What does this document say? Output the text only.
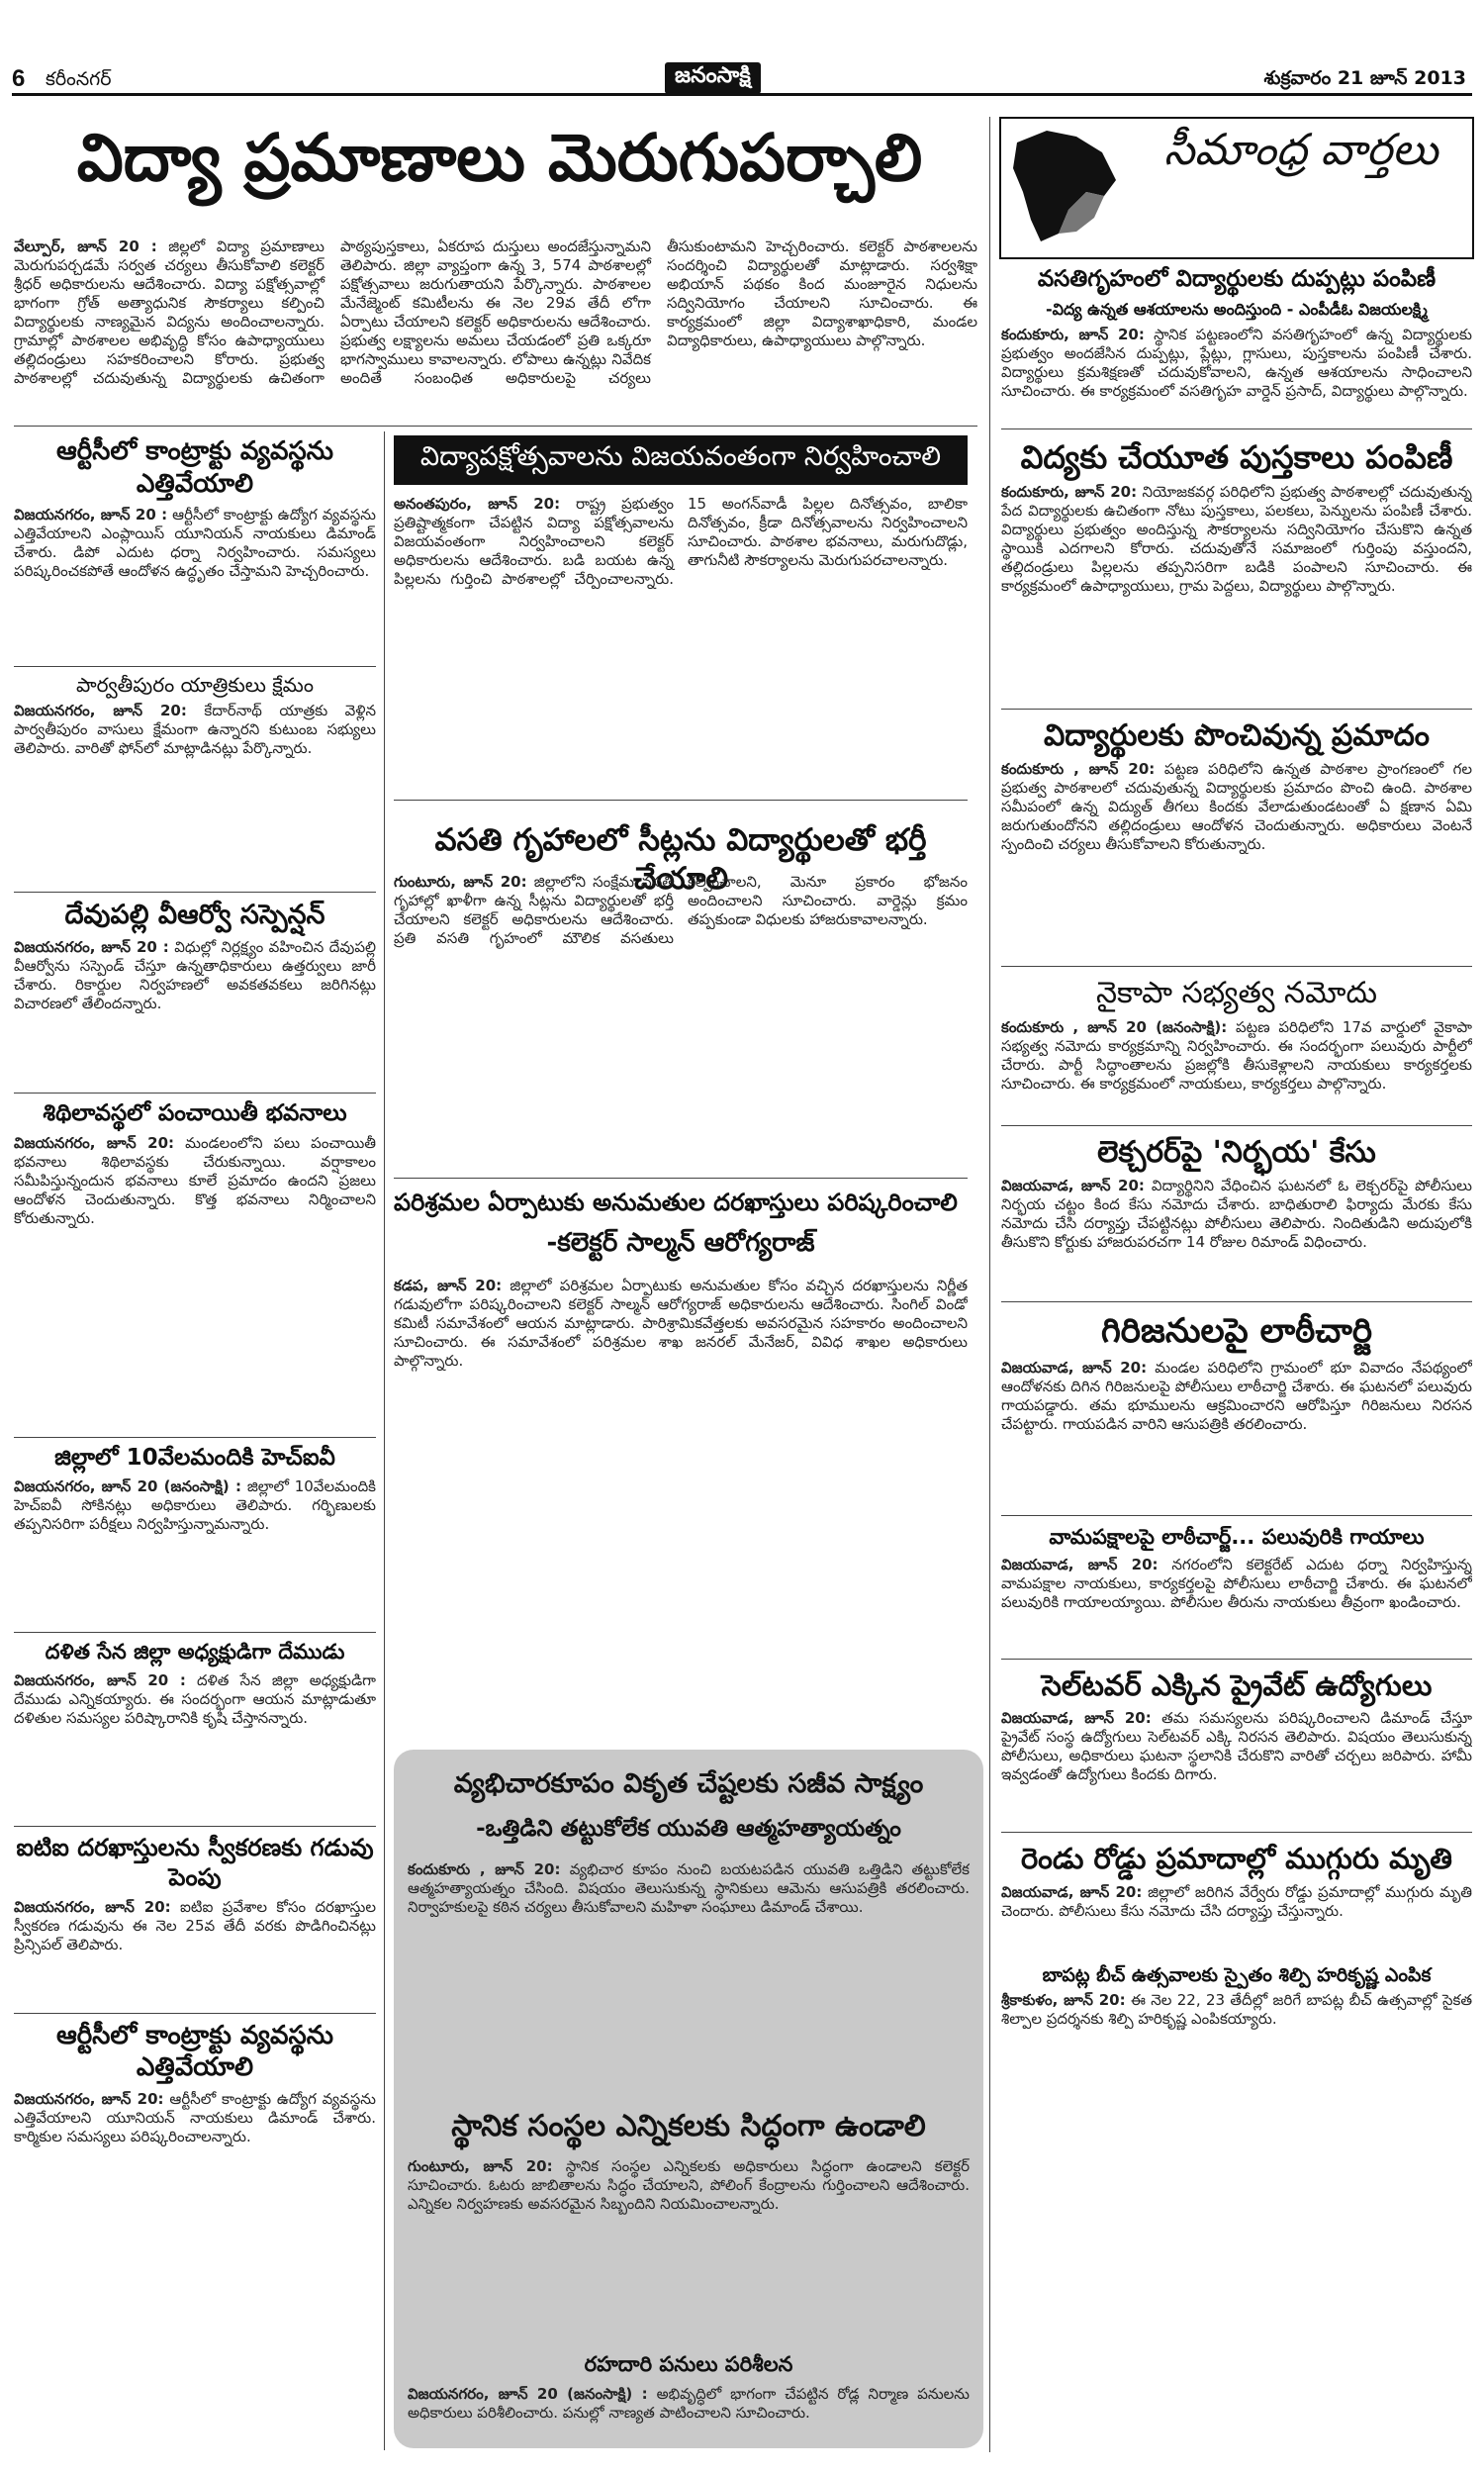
6 కరీంనగర్	జనంసాక్షి	శుక్రవారం 21 జూన్ 2013
విద్యా ప్రమాణాలు మెరుగుపర్చాలి
వేల్పూర్, జూన్ 20 : జిల్లలో విద్యా ప్రమాణాలు మెరుగుపర్చడమే సర్వత చర్యలు తీసుకోవాలి కలెక్టర్ శ్రీధర్ అధికారులను ఆదేశించారు. విద్యా పక్షోత్సవాల్లో భాగంగా గ్రోత్ అత్యాధునిక సౌకర్యాలు కల్పించి విద్యార్థులకు నాణ్యమైన విద్యను అందించాలన్నారు. గ్రామాల్లో పాఠశాలల అభివృద్ధి కోసం ఉపాధ్యాయులు తల్లిదండ్రులు సహకరించాలని కోరారు. ప్రభుత్వ పాఠశాలల్లో చదువుతున్న విద్యార్థులకు ఉచితంగా పాఠ్యపుస్తకాలు, ఏకరూప దుస్తులు అందజేస్తున్నామని తెలిపారు. జిల్లా వ్యాప్తంగా ఉన్న 3, 574 పాఠశాలల్లో పక్షోత్సవాలు జరుగుతాయని పేర్కొన్నారు. పాఠశాలల మేనేజ్మెంట్ కమిటీలను ఈ నెల 29వ తేదీ లోగా ఏర్పాటు చేయాలని కలెక్టర్ అధికారులను ఆదేశించారు. ప్రభుత్వ లక్ష్యాలను అమలు చేయడంలో ప్రతి ఒక్కరూ భాగస్వాములు కావాలన్నారు. లోపాలు ఉన్నట్లు నివేదిక అందితే సంబంధిత అధికారులపై చర్యలు తీసుకుంటామని హెచ్చరించారు. కలెక్టర్ పాఠశాలలను సందర్శించి విద్యార్థులతో మాట్లాడారు. సర్వశిక్షా అభియాన్ పథకం కింద మంజూరైన నిధులను సద్వినియోగం చేయాలని సూచించారు. ఈ కార్యక్రమంలో జిల్లా విద్యాశాఖాధికారి, మండల విద్యాధికారులు, ఉపాధ్యాయులు పాల్గొన్నారు.
సీమాంధ్ర వార్తలు
వసతిగృహంలో విద్యార్థులకు దుప్పట్లు పంపిణీ
-విద్య ఉన్నత ఆశయాలను అందిస్తుంది - ఎంపీడీఓ విజయలక్ష్మి
కందుకూరు, జూన్ 20: స్థానిక పట్టణంలోని వసతిగృహంలో ఉన్న విద్యార్థులకు ప్రభుత్వం అందజేసిన దుప్పట్లు, ప్లేట్లు, గ్లాసులు, పుస్తకాలను పంపిణీ చేశారు. విద్యార్థులు క్రమశిక్షణతో చదువుకోవాలని, ఉన్నత ఆశయాలను సాధించాలని సూచించారు. ఈ కార్యక్రమంలో వసతిగృహ వార్డెన్ ప్రసాద్, విద్యార్థులు పాల్గొన్నారు.
విద్యకు చేయూత పుస్తకాలు పంపిణీ
కందుకూరు, జూన్ 20: నియోజకవర్గ పరిధిలోని ప్రభుత్వ పాఠశాలల్లో చదువుతున్న పేద విద్యార్థులకు ఉచితంగా నోటు పుస్తకాలు, పలకలు, పెన్నులను పంపిణీ చేశారు. విద్యార్థులు ప్రభుత్వం అందిస్తున్న సౌకర్యాలను సద్వినియోగం చేసుకొని ఉన్నత స్థాయికి ఎదగాలని కోరారు. చదువుతోనే సమాజంలో గుర్తింపు వస్తుందని, తల్లిదండ్రులు పిల్లలను తప్పనిసరిగా బడికి పంపాలని సూచించారు. ఈ కార్యక్రమంలో ఉపాధ్యాయులు, గ్రామ పెద్దలు, విద్యార్థులు పాల్గొన్నారు.
విద్యార్థులకు పొంచివున్న ప్రమాదం
కందుకూరు , జూన్ 20: పట్టణ పరిధిలోని ఉన్నత పాఠశాల ప్రాంగణంలో గల ప్రభుత్వ పాఠశాలలో చదువుతున్న విద్యార్థులకు ప్రమాదం పొంచి ఉంది. పాఠశాల సమీపంలో ఉన్న విద్యుత్ తీగలు కిందకు వేలాడుతుండటంతో ఏ క్షణాన ఏమి జరుగుతుందోనని తల్లిదండ్రులు ఆందోళన చెందుతున్నారు. అధికారులు వెంటనే స్పందించి చర్యలు తీసుకోవాలని కోరుతున్నారు.
నైకాపా సభ్యత్వ నమోదు
కందుకూరు , జూన్ 20 (జనంసాక్షి): పట్టణ పరిధిలోని 17వ వార్డులో వైకాపా సభ్యత్వ నమోదు కార్యక్రమాన్ని నిర్వహించారు. ఈ సందర్భంగా పలువురు పార్టీలో చేరారు. పార్టీ సిద్ధాంతాలను ప్రజల్లోకి తీసుకెళ్లాలని నాయకులు కార్యకర్తలకు సూచించారు. ఈ కార్యక్రమంలో నాయకులు, కార్యకర్తలు పాల్గొన్నారు.
లెక్చరర్‌పై 'నిర్భయ' కేసు
విజయవాడ, జూన్ 20: విద్యార్థినిని వేధించిన ఘటనలో ఓ లెక్చరర్‌పై పోలీసులు నిర్భయ చట్టం కింద కేసు నమోదు చేశారు. బాధితురాలి ఫిర్యాదు మేరకు కేసు నమోదు చేసి దర్యాప్తు చేపట్టినట్లు పోలీసులు తెలిపారు. నిందితుడిని అదుపులోకి తీసుకొని కోర్టుకు హాజరుపరచగా 14 రోజుల రిమాండ్ విధించారు.
గిరిజనులపై లాఠీచార్జి
విజయవాడ, జూన్ 20: మండల పరిధిలోని గ్రామంలో భూ వివాదం నేపథ్యంలో ఆందోళనకు దిగిన గిరిజనులపై పోలీసులు లాఠీచార్జి చేశారు. ఈ ఘటనలో పలువురు గాయపడ్డారు. తమ భూములను ఆక్రమించారని ఆరోపిస్తూ గిరిజనులు నిరసన చేపట్టారు. గాయపడిన వారిని ఆసుపత్రికి తరలించారు.
వామపక్షాలపై లాఠీచార్జ్... పలువురికి గాయాలు
విజయవాడ, జూన్ 20: నగరంలోని కలెక్టరేట్ ఎదుట ధర్నా నిర్వహిస్తున్న వామపక్షాల నాయకులు, కార్యకర్తలపై పోలీసులు లాఠీచార్జి చేశారు. ఈ ఘటనలో పలువురికి గాయాలయ్యాయి. పోలీసుల తీరును నాయకులు తీవ్రంగా ఖండించారు.
సెల్‌టవర్ ఎక్కిన ప్రైవేట్ ఉద్యోగులు
విజయవాడ, జూన్ 20: తమ సమస్యలను పరిష్కరించాలని డిమాండ్ చేస్తూ ప్రైవేట్ సంస్థ ఉద్యోగులు సెల్‌టవర్ ఎక్కి నిరసన తెలిపారు. విషయం తెలుసుకున్న పోలీసులు, అధికారులు ఘటనా స్థలానికి చేరుకొని వారితో చర్చలు జరిపారు. హామీ ఇవ్వడంతో ఉద్యోగులు కిందకు దిగారు.
రెండు రోడ్డు ప్రమాదాల్లో ముగ్గురు మృతి
విజయవాడ, జూన్ 20: జిల్లాలో జరిగిన వేర్వేరు రోడ్డు ప్రమాదాల్లో ముగ్గురు మృతి చెందారు. పోలీసులు కేసు నమోదు చేసి దర్యాప్తు చేస్తున్నారు.
బాపట్ల బీచ్ ఉత్సవాలకు స్పైతం శిల్పి హరికృష్ణ ఎంపిక
శ్రీకాకుళం, జూన్ 20: ఈ నెల 22, 23 తేదీల్లో జరిగే బాపట్ల బీచ్ ఉత్సవాల్లో సైకత శిల్పాల ప్రదర్శనకు శిల్పి హరికృష్ణ ఎంపికయ్యారు.
ఆర్టీసీలో కాంట్రాక్టు వ్యవస్థను ఎత్తివేయాలి
విజయనగరం, జూన్ 20 : ఆర్టీసీలో కాంట్రాక్టు ఉద్యోగ వ్యవస్థను ఎత్తివేయాలని ఎంప్లాయిస్ యూనియన్ నాయకులు డిమాండ్ చేశారు. డిపో ఎదుట ధర్నా నిర్వహించారు. సమస్యలు పరిష్కరించకపోతే ఆందోళన ఉద్ధృతం చేస్తామని హెచ్చరించారు.
పార్వతీపురం యాత్రికులు క్షేమం
విజయనగరం, జూన్ 20: కేదార్‌నాథ్ యాత్రకు వెళ్లిన పార్వతీపురం వాసులు క్షేమంగా ఉన్నారని కుటుంబ సభ్యులు తెలిపారు. వారితో ఫోన్‌లో మాట్లాడినట్లు పేర్కొన్నారు.
దేవుపల్లి వీఆర్వో సస్పెన్షన్
విజయనగరం, జూన్ 20 : విధుల్లో నిర్లక్ష్యం వహించిన దేవుపల్లి వీఆర్వోను సస్పెండ్ చేస్తూ ఉన్నతాధికారులు ఉత్తర్వులు జారీ చేశారు. రికార్డుల నిర్వహణలో అవకతవకలు జరిగినట్లు విచారణలో తేలిందన్నారు.
శిథిలావస్థలో పంచాయితీ భవనాలు
విజయనగరం, జూన్ 20: మండలంలోని పలు పంచాయితీ భవనాలు శిథిలావస్థకు చేరుకున్నాయి. వర్షాకాలం సమీపిస్తున్నందున భవనాలు కూలే ప్రమాదం ఉందని ప్రజలు ఆందోళన చెందుతున్నారు. కొత్త భవనాలు నిర్మించాలని కోరుతున్నారు.
జిల్లాలో 10వేలమందికి హెచ్ఐవీ
విజయనగరం, జూన్ 20 (జనంసాక్షి) : జిల్లాలో 10వేలమందికి హెచ్ఐవీ సోకినట్లు అధికారులు తెలిపారు. గర్భిణులకు తప్పనిసరిగా పరీక్షలు నిర్వహిస్తున్నామన్నారు.
దళిత సేన జిల్లా అధ్యక్షుడిగా దేముడు
విజయనగరం, జూన్ 20 : దళిత సేన జిల్లా అధ్యక్షుడిగా దేముడు ఎన్నికయ్యారు. ఈ సందర్భంగా ఆయన మాట్లాడుతూ దళితుల సమస్యల పరిష్కారానికి కృషి చేస్తానన్నారు.
ఐటిఐ దరఖాస్తులను స్వీకరణకు గడువు పెంపు
విజయనగరం, జూన్ 20: ఐటిఐ ప్రవేశాల కోసం దరఖాస్తుల స్వీకరణ గడువును ఈ నెల 25వ తేదీ వరకు పొడిగించినట్లు ప్రిన్సిపల్ తెలిపారు.
ఆర్టీసీలో కాంట్రాక్టు వ్యవస్థను ఎత్తివేయాలి
విజయనగరం, జూన్ 20: ఆర్టీసీలో కాంట్రాక్టు ఉద్యోగ వ్యవస్థను ఎత్తివేయాలని యూనియన్ నాయకులు డిమాండ్ చేశారు. కార్మికుల సమస్యలు పరిష్కరించాలన్నారు.
విద్యాపక్షోత్సవాలను విజయవంతంగా నిర్వహించాలి
అనంతపురం, జూన్ 20: రాష్ట్ర ప్రభుత్వం ప్రతిష్టాత్మకంగా చేపట్టిన విద్యా పక్షోత్సవాలను విజయవంతంగా నిర్వహించాలని కలెక్టర్ అధికారులను ఆదేశించారు. బడి బయట ఉన్న పిల్లలను గుర్తించి పాఠశాలల్లో చేర్పించాలన్నారు. 15 అంగన్‌వాడీ పిల్లల దినోత్సవం, బాలికా దినోత్సవం, క్రీడా దినోత్సవాలను నిర్వహించాలని సూచించారు. పాఠశాల భవనాలు, మరుగుదొడ్లు, తాగునీటి సౌకర్యాలను మెరుగుపరచాలన్నారు.
వసతి గృహాలలో సీట్లను విద్యార్థులతో భర్తీ చేయాలి
గుంటూరు, జూన్ 20: జిల్లాలోని సంక్షేమ వసతి గృహాల్లో ఖాళీగా ఉన్న సీట్లను విద్యార్థులతో భర్తీ చేయాలని కలెక్టర్ అధికారులను ఆదేశించారు. ప్రతి వసతి గృహంలో మౌలిక వసతులు కల్పించాలని, మెనూ ప్రకారం భోజనం అందించాలని సూచించారు. వార్డెన్లు క్రమం తప్పకుండా విధులకు హాజరుకావాలన్నారు.
పరిశ్రమల ఏర్పాటుకు అనుమతుల దరఖాస్తులు పరిష్కరించాలి
-కలెక్టర్ సాల్మన్ ఆరోగ్యరాజ్
కడప, జూన్ 20: జిల్లాలో పరిశ్రమల ఏర్పాటుకు అనుమతుల కోసం వచ్చిన దరఖాస్తులను నిర్ణీత గడువులోగా పరిష్కరించాలని కలెక్టర్ సాల్మన్ ఆరోగ్యరాజ్ అధికారులను ఆదేశించారు. సింగిల్ విండో కమిటీ సమావేశంలో ఆయన మాట్లాడారు. పారిశ్రామికవేత్తలకు అవసరమైన సహకారం అందించాలని సూచించారు. ఈ సమావేశంలో పరిశ్రమల శాఖ జనరల్ మేనేజర్, వివిధ శాఖల అధికారులు పాల్గొన్నారు.
వ్యభిచారకూపం వికృత చేష్టలకు సజీవ సాక్ష్యం
-ఒత్తిడిని తట్టుకోలేక యువతి ఆత్మహత్యాయత్నం
కందుకూరు , జూన్ 20: వ్యభిచార కూపం నుంచి బయటపడిన యువతి ఒత్తిడిని తట్టుకోలేక ఆత్మహత్యాయత్నం చేసింది. విషయం తెలుసుకున్న స్థానికులు ఆమెను ఆసుపత్రికి తరలించారు. నిర్వాహకులపై కఠిన చర్యలు తీసుకోవాలని మహిళా సంఘాలు డిమాండ్ చేశాయి.
స్థానిక సంస్థల ఎన్నికలకు సిద్ధంగా ఉండాలి
గుంటూరు, జూన్ 20: స్థానిక సంస్థల ఎన్నికలకు అధికారులు సిద్ధంగా ఉండాలని కలెక్టర్ సూచించారు. ఓటరు జాబితాలను సిద్ధం చేయాలని, పోలింగ్ కేంద్రాలను గుర్తించాలని ఆదేశించారు. ఎన్నికల నిర్వహణకు అవసరమైన సిబ్బందిని నియమించాలన్నారు.
రహదారి పనులు పరిశీలన
విజయనగరం, జూన్ 20 (జనంసాక్షి) : అభివృద్ధిలో భాగంగా చేపట్టిన రోడ్ల నిర్మాణ పనులను అధికారులు పరిశీలించారు. పనుల్లో నాణ్యత పాటించాలని సూచించారు.
